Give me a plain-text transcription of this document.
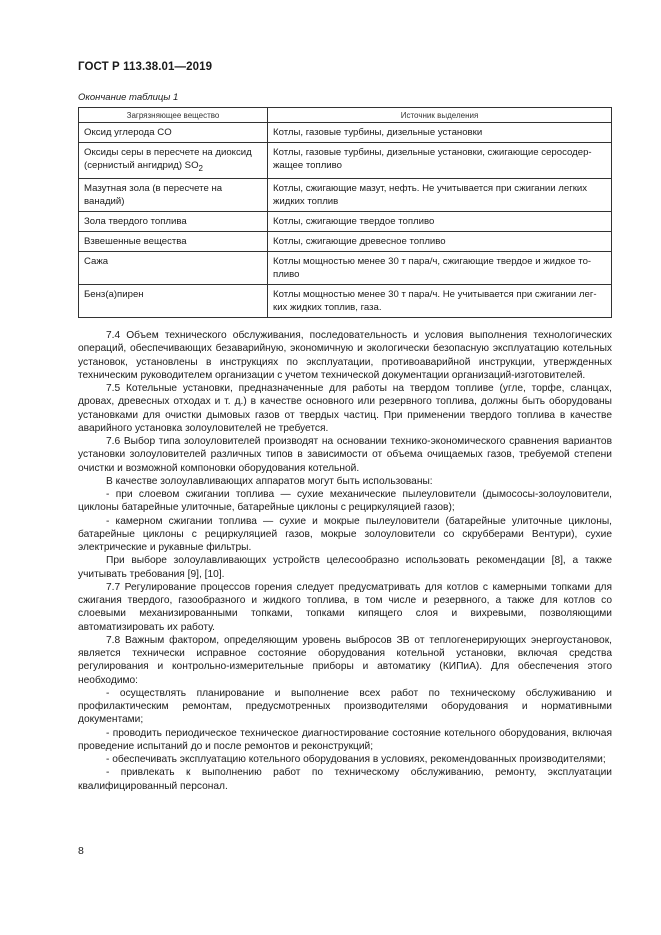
ГОСТ Р 113.38.01—2019
Окончание таблицы 1
Загрязняющее вещество	Источник выделения
Оксид углерода CO	Котлы, газовые турбины, дизельные установки
Оксиды серы в пересчете на диоксид (сернистый ангидрид) $SO_2$	Котлы, газовые турбины, дизельные установки, сжигающие серосодер-жащее топливо
Мазутная зола (в пересчете на ванадий)	Котлы, сжигающие мазут, нефть. Не учитывается при сжигании легких жидких топлив
Зола твердого топлива	Котлы, сжигающие твердое топливо
Взвешенные вещества	Котлы, сжигающие древесное топливо
Сажа	Котлы мощностью менее 30 т пара/ч, сжигающие твердое и жидкое то-пливо
Бенз(а)пирен	Котлы мощностью менее 30 т пара/ч. Не учитывается при сжигании лег-ких жидких топлив, газа.

7.4 Объем технического обслуживания, последовательность и условия выполнения технологических операций, обеспечивающих безаварийную, экономичную и экологически безопасную эксплуатацию котельных установок, установлены в инструкциях по эксплуатации, противоаварийной инструкции, утвержденных техническим руководителем организации с учетом технической документации организаций-изготовителей.

7.5 Котельные установки, предназначенные для работы на твердом топливе (угле, торфе, сланцах, дровах, древесных отходах и т. д.) в качестве основного или резервного топлива, должны быть оборудованы установками для очистки дымовых газов от твердых частиц. При применении твердого топлива в качестве аварийного установка золоуловителей не требуется.

7.6 Выбор типа золоуловителей производят на основании технико-экономического сравнения вариантов установки золоуловителей различных типов в зависимости от объема очищаемых газов, требуемой степени очистки и возможной компоновки оборудования котельной.

В качестве золоулавливающих аппаратов могут быть использованы:

- при слоевом сжигании топлива — сухие механические пылеуловители (дымососы-золоуловители, циклоны батарейные улиточные, батарейные циклоны с рециркуляцией газов);

- камерном сжигании топлива — сухие и мокрые пылеуловители (батарейные улиточные циклоны, батарейные циклоны с рециркуляцией газов, мокрые золоуловители со скрубберами Вентури), сухие электрические и рукавные фильтры.

При выборе золоулавливающих устройств целесообразно использовать рекомендации [8], а также учитывать требования [9], [10].

7.7 Регулирование процессов горения следует предусматривать для котлов с камерными топками для сжигания твердого, газообразного и жидкого топлива, в том числе и резервного, а также для котлов со слоевыми механизированными топками, топками кипящего слоя и вихревыми, позволяющими автоматизировать их работу.

7.8 Важным фактором, определяющим уровень выбросов ЗВ от теплогенерирующих энергоустановок, является технически исправное состояние оборудования котельной установки, включая средства регулирования и контрольно-измерительные приборы и автоматику (КИПиА). Для обеспечения этого необходимо:

- осуществлять планирование и выполнение всех работ по техническому обслуживанию и профилактическим ремонтам, предусмотренных производителями оборудования и нормативными документами;

- проводить периодическое техническое диагностирование состояние котельного оборудования, включая проведение испытаний до и после ремонтов и реконструкций;

- обеспечивать эксплуатацию котельного оборудования в условиях, рекомендованных производителями;

- привлекать к выполнению работ по техническому обслуживанию, ремонту, эксплуатации квалифицированный персонал.

8
